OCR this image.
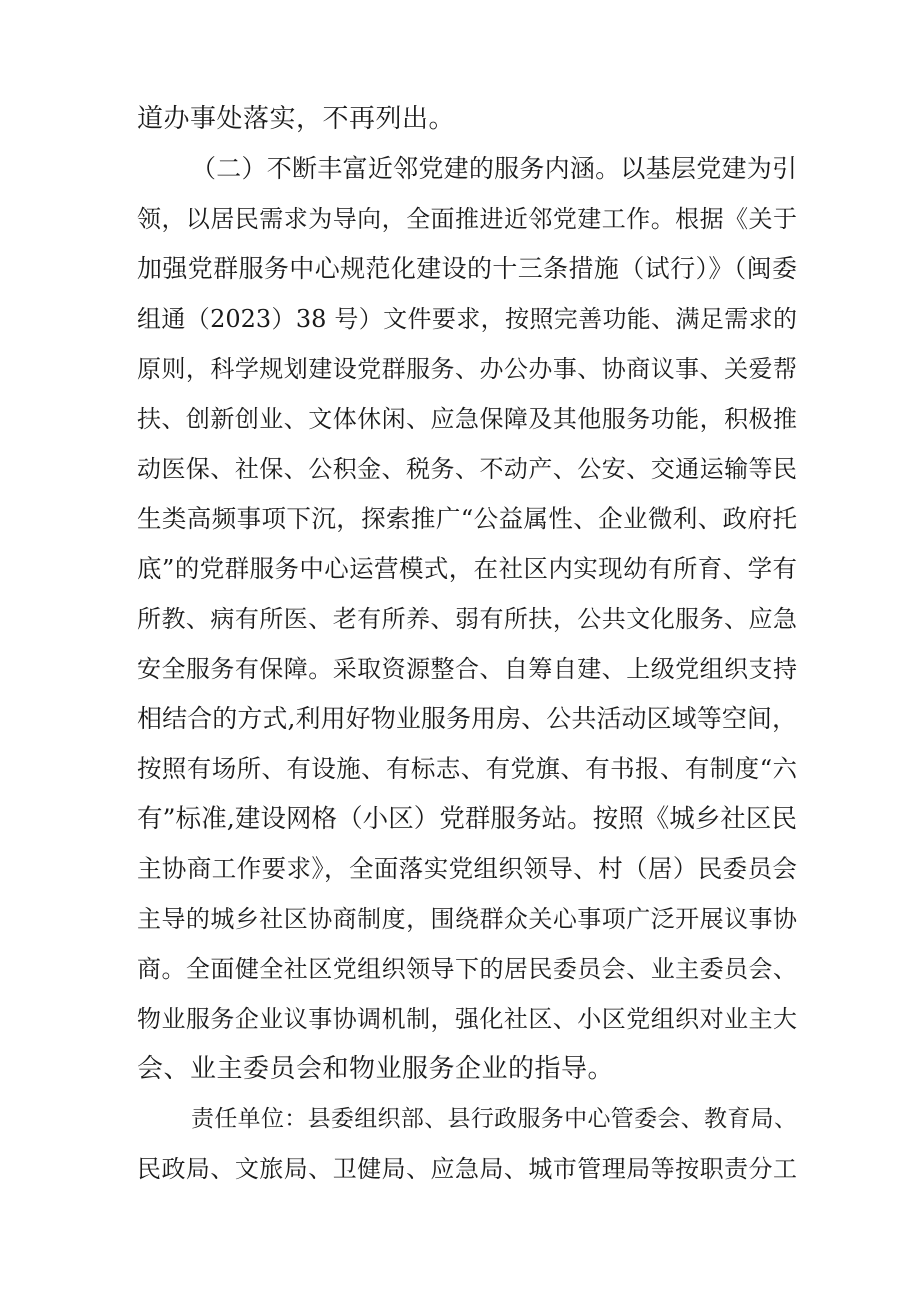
道办事处落实，不再列出。

（二）不断丰富近邻党建的服务内涵。以基层党建为引

领，以居民需求为导向，全面推进近邻党建工作。根据《关于

加强党群服务中心规范化建设的十三条措施（试行）》（闽委

组通（2023）38 号）文件要求，按照完善功能、满足需求的

原则，科学规划建设党群服务、办公办事、协商议事、关爱帮

扶、创新创业、文体休闲、应急保障及其他服务功能，积极推

动医保、社保、公积金、税务、不动产、公安、交通运输等民

生类高频事项下沉，探索推广“公益属性、企业微利、政府托

底”的党群服务中心运营模式，在社区内实现幼有所育、学有

所教、病有所医、老有所养、弱有所扶，公共文化服务、应急

安全服务有保障。采取资源整合、自筹自建、上级党组织支持

相结合的方式,利用好物业服务用房、公共活动区域等空间，

按照有场所、有设施、有标志、有党旗、有书报、有制度“六

有”标准,建设网格（小区）党群服务站。按照《城乡社区民

主协商工作要求》，全面落实党组织领导、村（居）民委员会

主导的城乡社区协商制度，围绕群众关心事项广泛开展议事协

商。全面健全社区党组织领导下的居民委员会、业主委员会、

物业服务企业议事协调机制，强化社区、小区党组织对业主大

会、业主委员会和物业服务企业的指导。

责任单位：县委组织部、县行政服务中心管委会、教育局、

民政局、文旅局、卫健局、应急局、城市管理局等按职责分工
